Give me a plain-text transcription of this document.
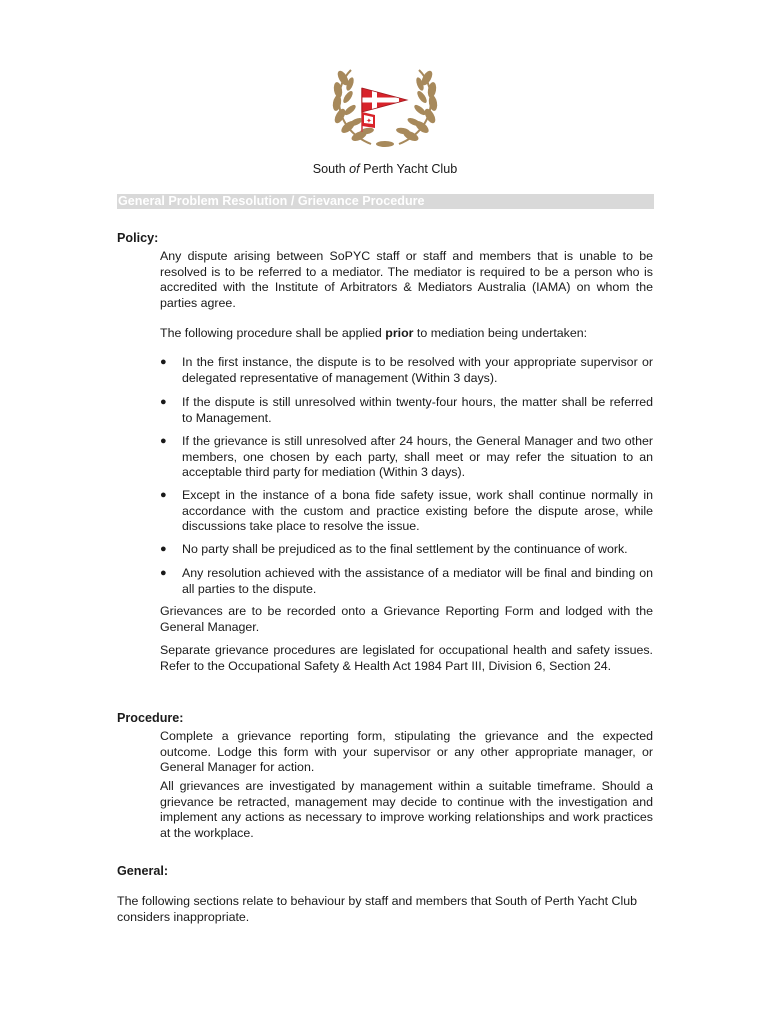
✦
South of Perth Yacht Club
General Problem Resolution / Grievance Procedure
Policy:
Any dispute arising between SoPYC staff or staff and members that is unable to be resolved is to be referred to a mediator. The mediator is required to be a person who is accredited with the Institute of Arbitrators & Mediators Australia (IAMA) on whom the parties agree.
The following procedure shall be applied prior to mediation being undertaken:
● In the first instance, the dispute is to be resolved with your appropriate supervisor or delegated representative of management (Within 3 days).
● If the dispute is still unresolved within twenty-four hours, the matter shall be referred to Management.
● If the grievance is still unresolved after 24 hours, the General Manager and two other members, one chosen by each party, shall meet or may refer the situation to an acceptable third party for mediation (Within 3 days).
● Except in the instance of a bona fide safety issue, work shall continue normally in accordance with the custom and practice existing before the dispute arose, while discussions take place to resolve the issue.
● No party shall be prejudiced as to the final settlement by the continuance of work.
● Any resolution achieved with the assistance of a mediator will be final and binding on all parties to the dispute.
Grievances are to be recorded onto a Grievance Reporting Form and lodged with the General Manager.
Separate grievance procedures are legislated for occupational health and safety issues. Refer to the Occupational Safety & Health Act 1984 Part III, Division 6, Section 24.
Procedure:
Complete a grievance reporting form, stipulating the grievance and the expected outcome. Lodge this form with your supervisor or any other appropriate manager, or General Manager for action.
All grievances are investigated by management within a suitable timeframe. Should a grievance be retracted, management may decide to continue with the investigation and implement any actions as necessary to improve working relationships and work practices at the workplace.
General:
The following sections relate to behaviour by staff and members that South of Perth Yacht Club considers inappropriate.
